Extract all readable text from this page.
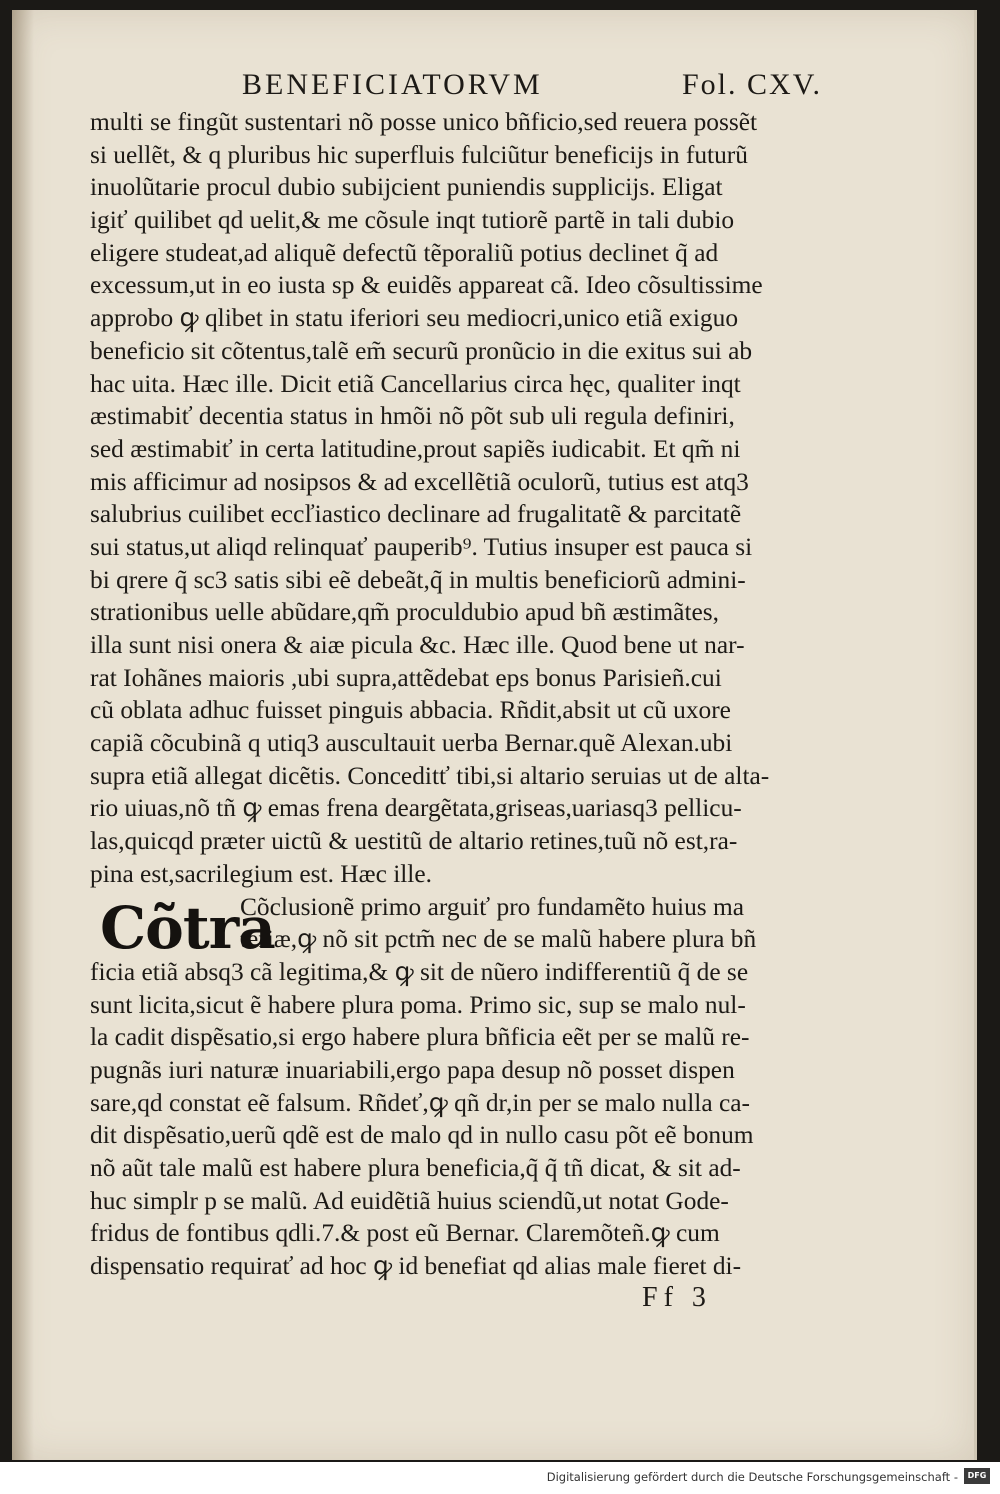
BENEFICIATORVM	Fol. CXV.
multi se fingũt sustentari nõ posse unico bñficio,sed reuera possẽt
si uellẽt, & q pluribus hic superfluis fulciũtur beneficijs in futurũ
inuolũtarie procul dubio subijcient puniendis supplicijs. Eligat
igiť quilibet qd uelit,& me cõsule inqt tutiorẽ partẽ in tali dubio
eligere studeat,ad aliquẽ defectũ tẽporaliũ potius declinet q̃ ad
excessum,ut in eo iusta sp & euidẽs appareat cã. Ideo cõsultissime
approbo ꝙ qlibet in statu iferiori seu mediocri,unico etiã exiguo
beneficio sit cõtentus,talẽ em̃ securũ pronũcio in die exitus sui ab
hac uita. Hæc ille. Dicit etiã Cancellarius circa hęc, qualiter inqt
æstimabiť decentia status in hmõi nõ põt sub uli regula definiri,
sed æstimabiť in certa latitudine,prout sapiẽs iudicabit. Et qm̃ ni
mis afficimur ad nosipsos & ad excellẽtiã oculorũ, tutius est atq3
salubrius cuilibet eccľiastico declinare ad frugalitatẽ & parcitatẽ
sui status,ut aliqd relinquať pauperib⁹. Tutius insuper est pauca si
bi qrere q̃ sc3 satis sibi eẽ debeãt,q̃ in multis beneficiorũ admini-
strationibus uelle abũdare,qm̃ proculdubio apud bñ æstimãtes,
illa sunt nisi onera & aiæ picula &c. Hæc ille. Quod bene ut nar-
rat Iohãnes maioris ,ubi supra,attẽdebat eps bonus Parisieñ.cui
cũ oblata adhuc fuisset pinguis abbacia. Rñdit,absit ut cũ uxore
capiã cõcubinã q utiq3 auscultauit uerba Bernar.quẽ Alexan.ubi
supra etiã allegat dicẽtis. Conceditť tibi,si altario seruias ut de alta-
rio uiuas,nõ tñ ꝙ emas frena deargẽtata,griseas,uariasq3 pellicu-
las,quicqd præter uictũ & uestitũ de altario retines,tuũ nõ est,ra-
pina est,sacrilegium est. Hæc ille.
Cõtra
Cõclusionẽ primo arguiť pro fundamẽto huius ma
teriæ,ꝙ nõ sit pctm̃ nec de se malũ habere plura bñ
ficia etiã absq3 cã legitima,& ꝙ sit de nũero indifferentiũ q̃ de se
sunt licita,sicut ẽ habere plura poma. Primo sic, sup se malo nul-
la cadit dispẽsatio,si ergo habere plura bñficia eẽt per se malũ re-
pugnãs iuri naturæ inuariabili,ergo papa desup nõ posset dispen
sare,qd constat eẽ falsum. Rñdeť,ꝙ qñ dr,in per se malo nulla ca-
dit dispẽsatio,uerũ qdẽ est de malo qd in nullo casu põt eẽ bonum
nõ aũt tale malũ est habere plura beneficia,q̃ q̃ tñ dicat, & sit ad-
huc simplr p se malũ. Ad euidẽtiã huius sciendũ,ut notat Gode-
fridus de fontibus qdli.7.& post eũ Bernar. Claremõteñ.ꝙ cum
dispensatio requirať ad hoc ꝙ id benefiat qd alias male fieret di-
Ff 3
Digitalisierung gefördert durch die Deutsche Forschungsgemeinschaft -	DFG
